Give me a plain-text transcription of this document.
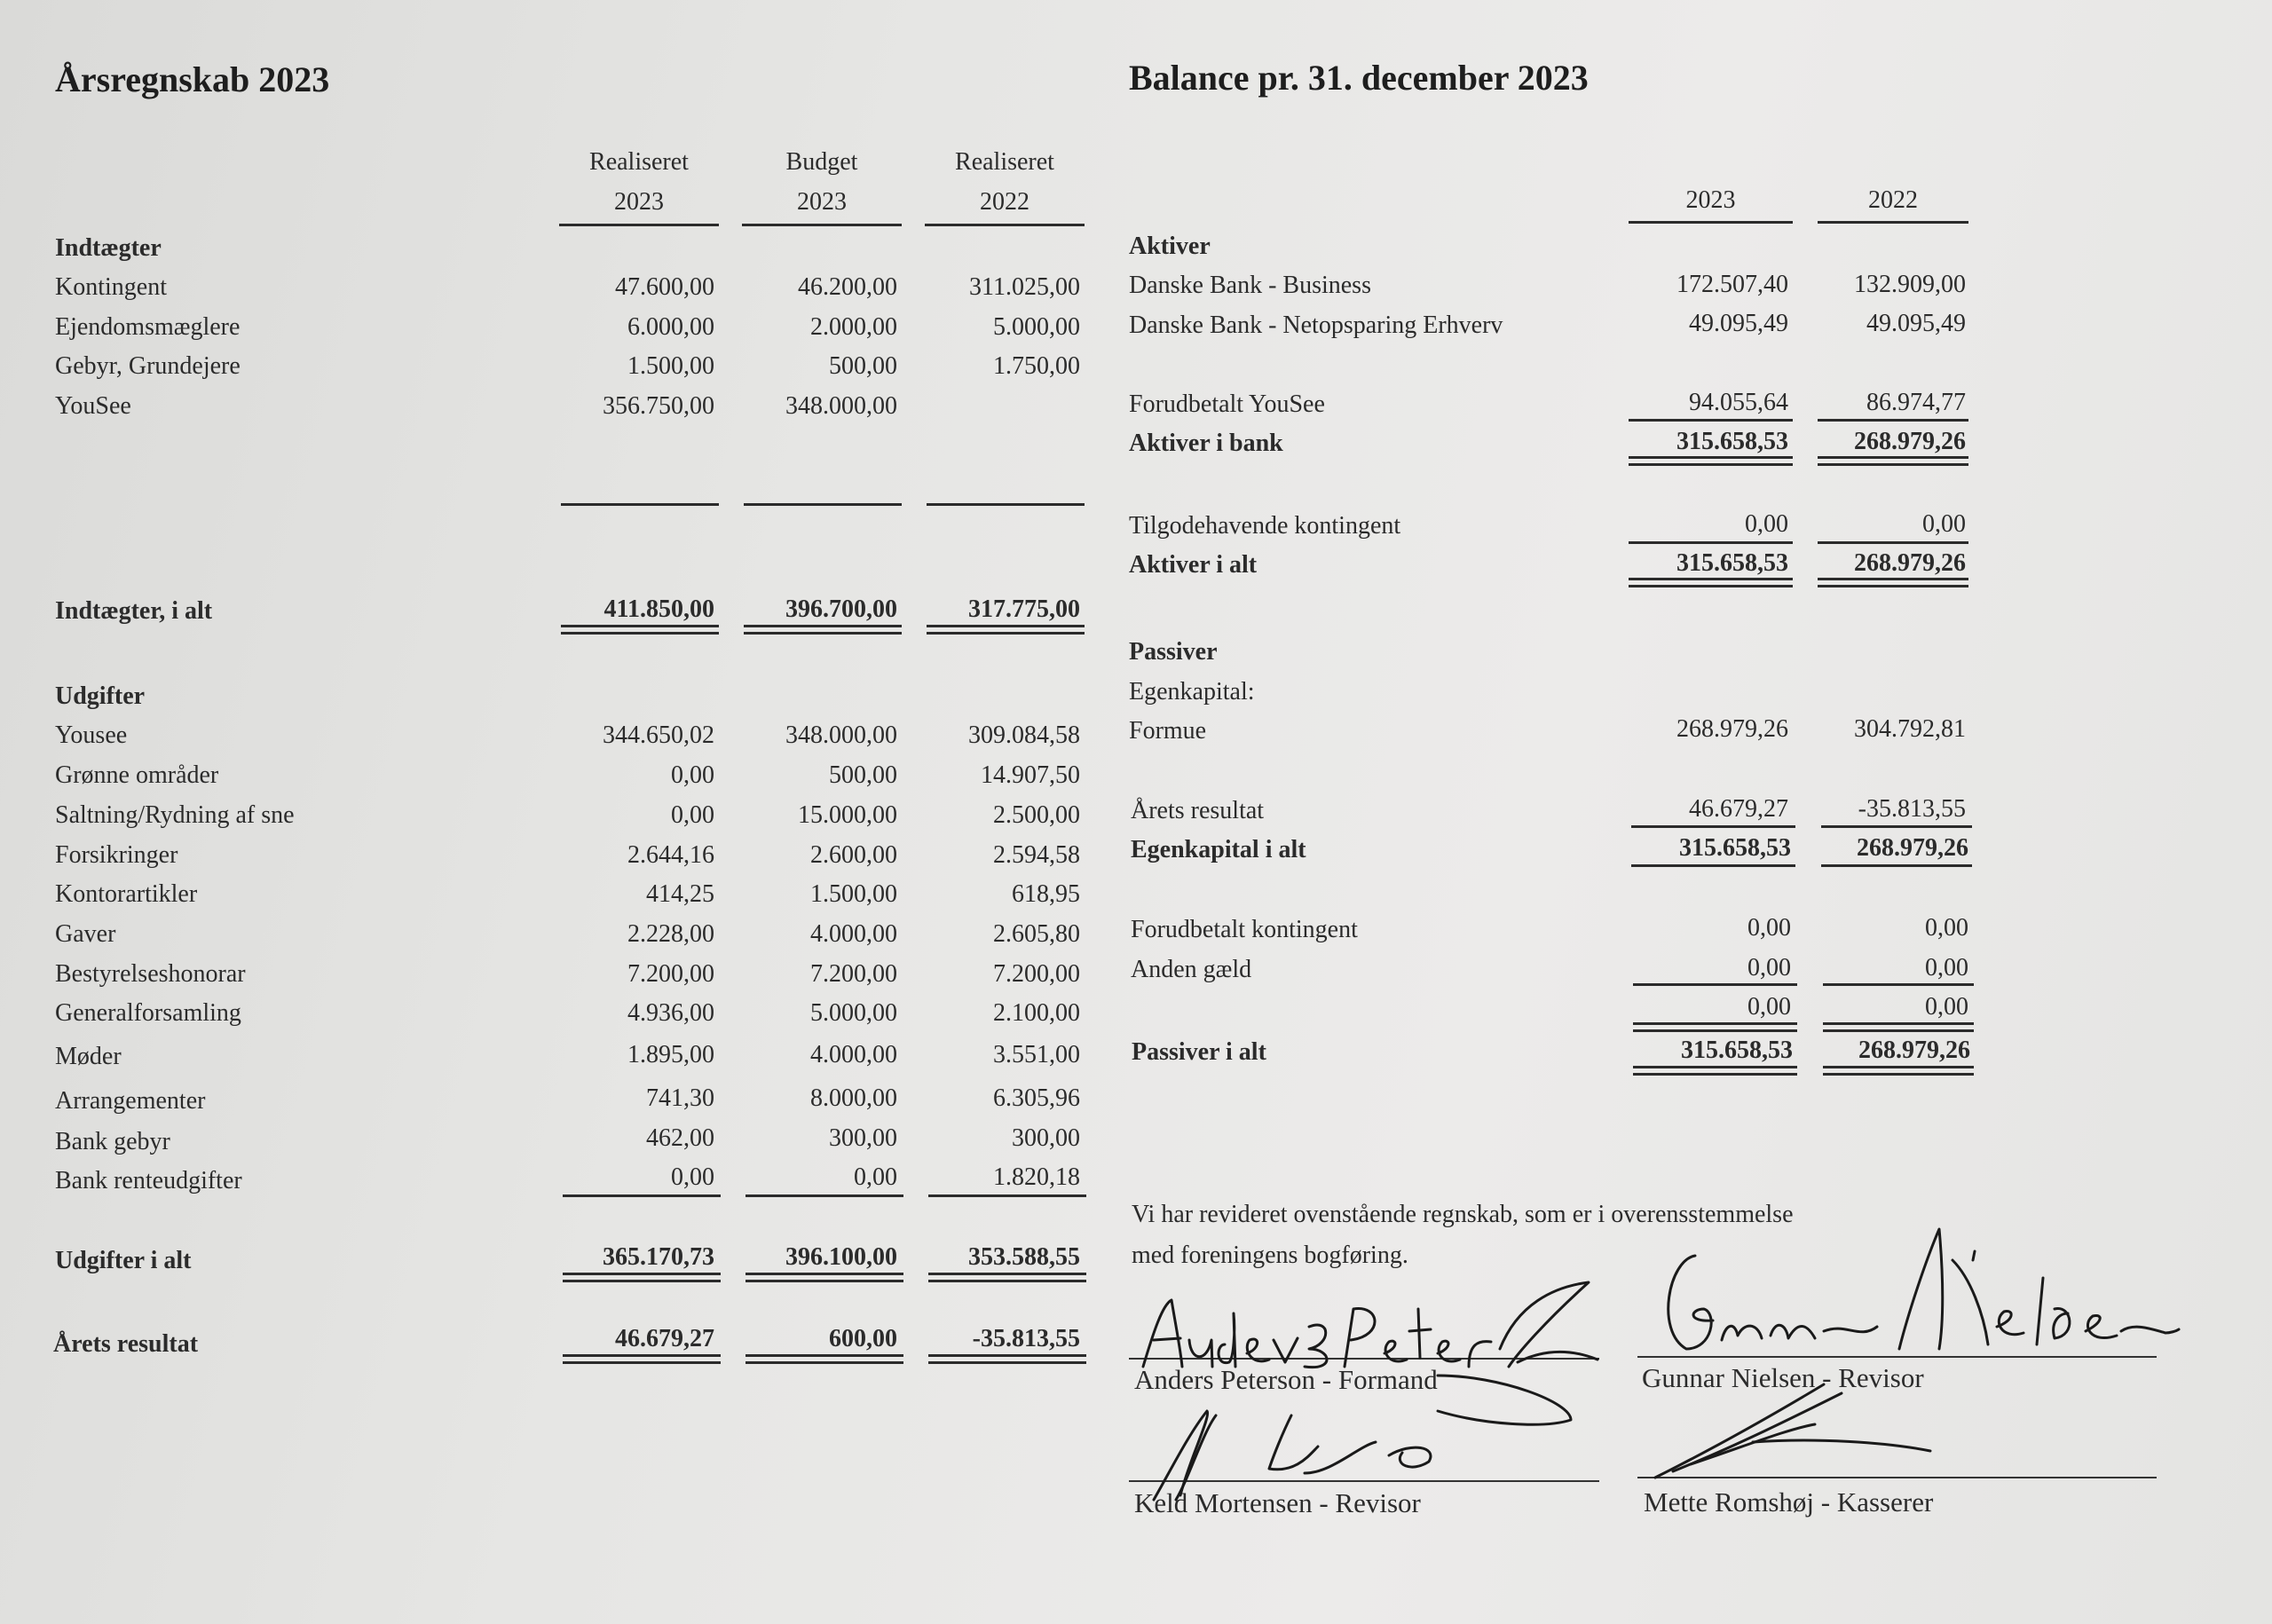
Årsregnskab 2023
Realiseret
2023
Budget
2023
Realiseret
2022
Indtægter
Kontingent	47.600,00	46.200,00	311.025,00
Ejendomsmæglere	6.000,00	2.000,00	5.000,00
Gebyr, Grundejere	1.500,00	500,00	1.750,00
YouSee	356.750,00	348.000,00
Indtægter, i alt	411.850,00	396.700,00	317.775,00
Udgifter
Yousee	344.650,02	348.000,00	309.084,58
Grønne områder	0,00	500,00	14.907,50
Saltning/Rydning af sne	0,00	15.000,00	2.500,00
Forsikringer	2.644,16	2.600,00	2.594,58
Kontorartikler	414,25	1.500,00	618,95
Gaver	2.228,00	4.000,00	2.605,80
Bestyrelseshonorar	7.200,00	7.200,00	7.200,00
Generalforsamling	4.936,00	5.000,00	2.100,00
Møder	1.895,00	4.000,00	3.551,00
Arrangementer	741,30	8.000,00	6.305,96
Bank gebyr	462,00	300,00	300,00
Bank renteudgifter	0,00	0,00	1.820,18
Udgifter i alt	365.170,73	396.100,00	353.588,55
Årets resultat	46.679,27	600,00	-35.813,55
Balance pr. 31. december 2023
2023	2022
Aktiver
Danske Bank - Business	172.507,40	132.909,00
Danske Bank - Netopsparing Erhverv	49.095,49	49.095,49
Forudbetalt YouSee	94.055,64	86.974,77
Aktiver i bank	315.658,53	268.979,26
Tilgodehavende kontingent	0,00	0,00
Aktiver i alt	315.658,53	268.979,26
Passiver
Egenkapital:
Formue	268.979,26	304.792,81
Årets resultat	46.679,27	-35.813,55
Egenkapital i alt	315.658,53	268.979,26
Forudbetalt kontingent	0,00	0,00
Anden gæld	0,00	0,00
0,00	0,00
Passiver i alt	315.658,53	268.979,26
Vi har revideret ovenstående regnskab, som er i overensstemmelse
med foreningens bogføring.
Anders Peterson - Formand	Gunnar Nielsen - Revisor
Keld Mortensen - Revisor	Mette Romshøj - Kasserer
